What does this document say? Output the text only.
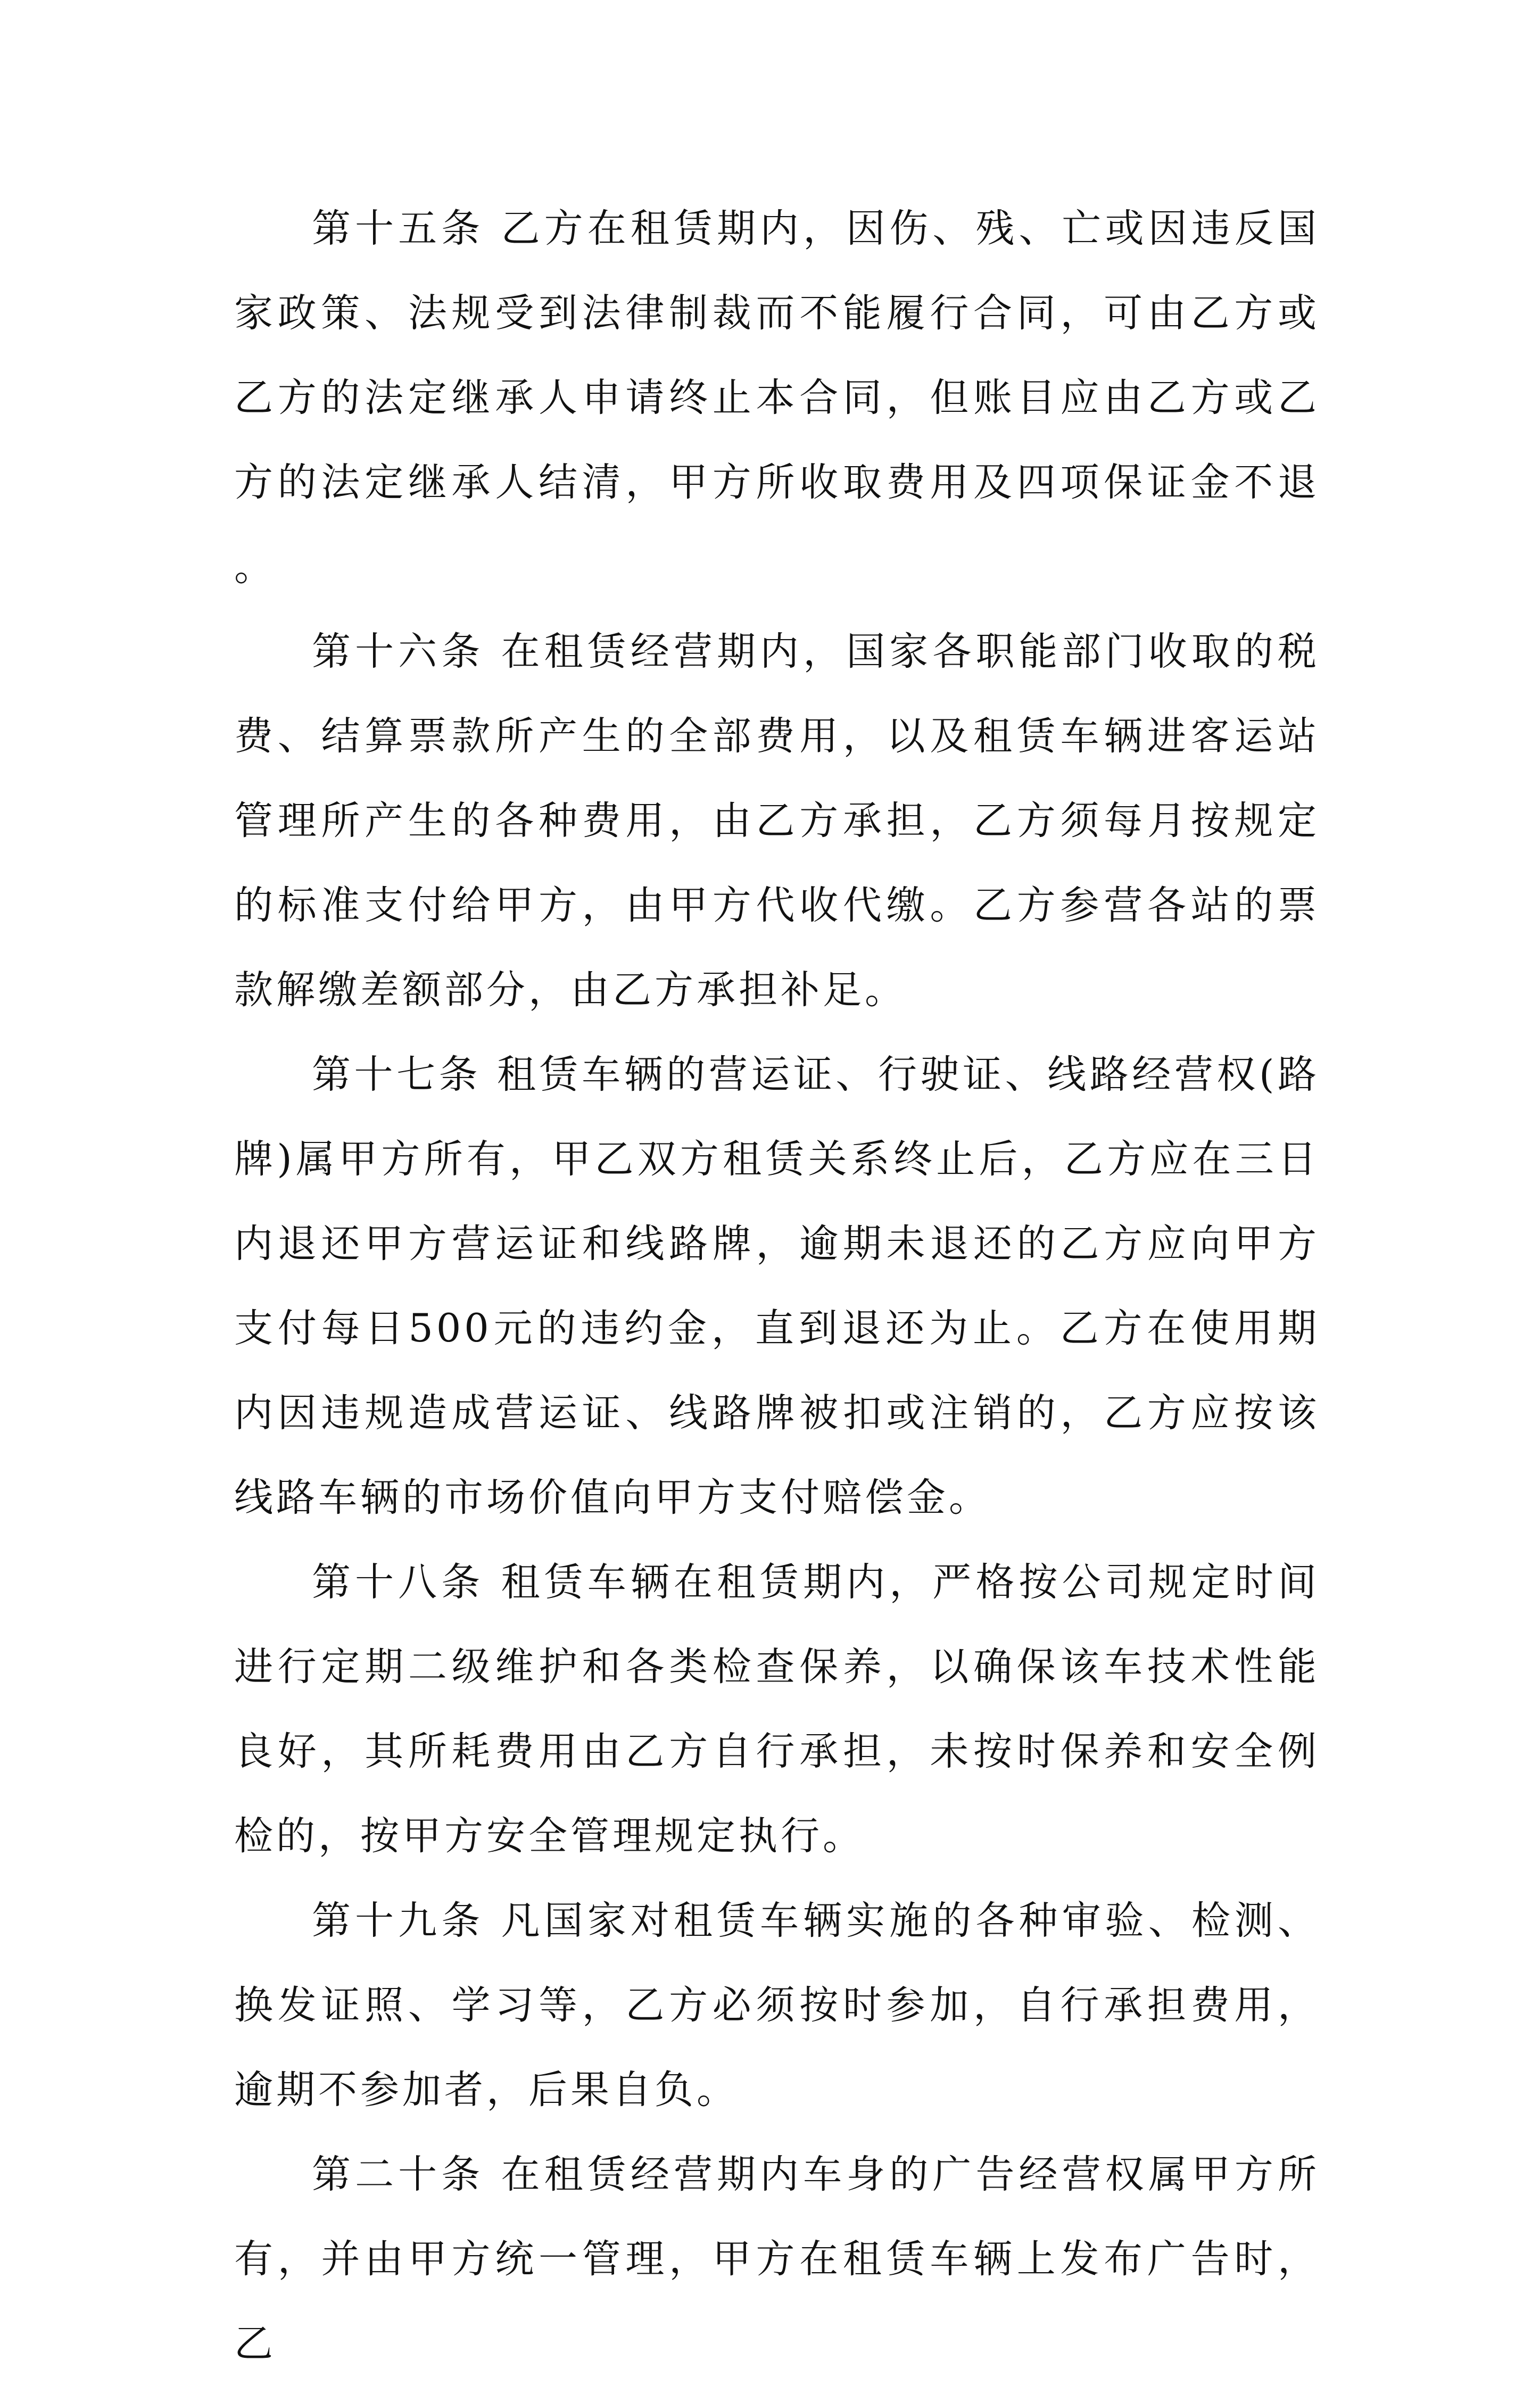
第十五条 乙方在租赁期内，因伤、残、亡或因违反国家政策、法规受到法律制裁而不能履行合同，可由乙方或乙方的法定继承人申请终止本合同，但账目应由乙方或乙方的法定继承人结清，甲方所收取费用及四项保证金不退。

第十六条 在租赁经营期内，国家各职能部门收取的税费、结算票款所产生的全部费用，以及租赁车辆进客运站管理所产生的各种费用，由乙方承担，乙方须每月按规定的标准支付给甲方，由甲方代收代缴。乙方参营各站的票款解缴差额部分，由乙方承担补足。

第十七条 租赁车辆的营运证、行驶证、线路经营权(路牌)属甲方所有，甲乙双方租赁关系终止后，乙方应在三日内退还甲方营运证和线路牌，逾期未退还的乙方应向甲方支付每日500元的违约金，直到退还为止。乙方在使用期内因违规造成营运证、线路牌被扣或注销的，乙方应按该线路车辆的市场价值向甲方支付赔偿金。

第十八条 租赁车辆在租赁期内，严格按公司规定时间进行定期二级维护和各类检查保养，以确保该车技术性能良好，其所耗费用由乙方自行承担，未按时保养和安全例检的，按甲方安全管理规定执行。

第十九条 凡国家对租赁车辆实施的各种审验、检测、换发证照、学习等，乙方必须按时参加，自行承担费用，逾期不参加者，后果自负。

第二十条 在租赁经营期内车身的广告经营权属甲方所有，并由甲方统一管理，甲方在租赁车辆上发布广告时，乙
